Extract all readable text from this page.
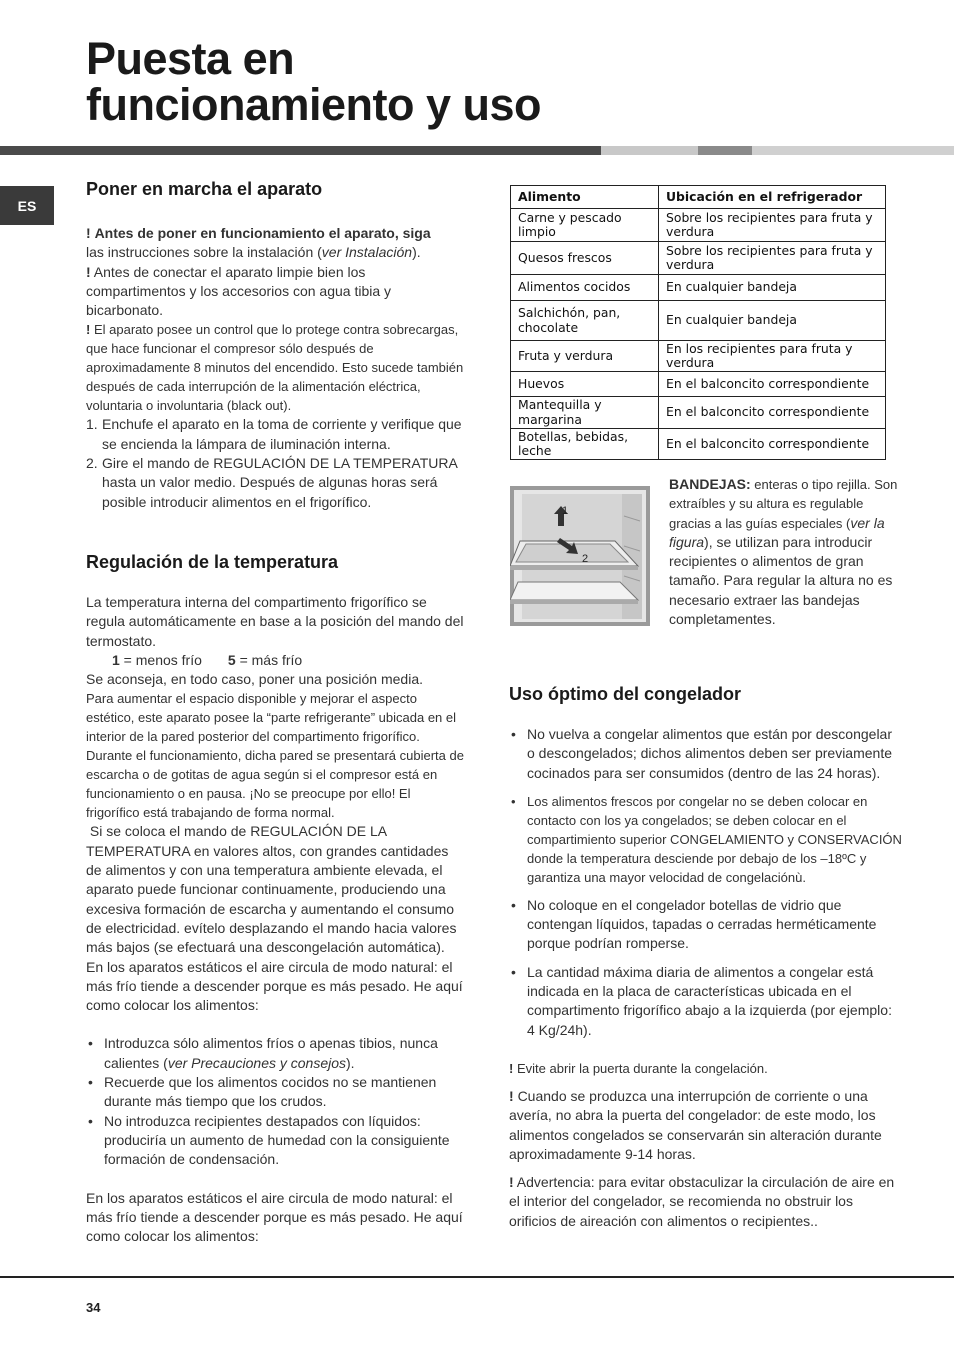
Puesta en
funcionamiento y uso
ES
Poner en marcha el aparato

! Antes de poner en funcionamiento el aparato, siga
las instrucciones sobre la instalación (ver Instalación).

! Antes de conectar el aparato limpie bien los compartimentos y los accesorios con agua tibia y bicarbonato.

! El aparato posee un control que lo protege contra sobrecargas, que hace funcionar el compresor sólo después de aproximadamente 8 minutos del encendido. Esto sucede también después de cada interrupción de la alimentación eléctrica, voluntaria o involuntaria (black out).

1. Enchufe el aparato en la toma de corriente y verifique que se encienda la lámpara de iluminación interna.
2. Gire el mando de REGULACIÓN DE LA TEMPERATURA hasta un valor medio. Después de algunas horas será posible introducir alimentos en el frigorífico.
Regulación de la temperatura

La temperatura interna del compartimento frigorífico se regula automáticamente en base a la posición del mando del termostato.

1 = menos frío 5 = más frío

Se aconseja, en todo caso, poner una posición media.

Para aumentar el espacio disponible y mejorar el aspecto estético, este aparato posee la “parte refrigerante” ubicada en el interior de la pared posterior del compartimento frigorífico. Durante el funcionamiento, dicha pared se presentará cubierta de escarcha o de gotitas de agua según si el compresor está en funcionamiento o en pausa. ¡No se preocupe por ello! El frigorífico está trabajando de forma normal.

Si se coloca el mando de REGULACIÓN DE LA TEMPERATURA en valores altos, con grandes cantidades de alimentos y con una temperatura ambiente elevada, el aparato puede funcionar continuamente, produciendo una excesiva formación de escarcha y aumentando el consumo de electricidad. evítelo desplazando el mando hacia valores más bajos (se efectuará una descongelación automática).

En los aparatos estáticos el aire circula de modo natural: el más frío tiende a descender porque es más pesado. He aquí como colocar los alimentos:

• Introduzca sólo alimentos fríos o apenas tibios, nunca calientes (ver Precauciones y consejos).
• Recuerde que los alimentos cocidos no se mantienen durante más tiempo que los crudos.
• No introduzca recipientes destapados con líquidos: produciría un aumento de humedad con la consiguiente formación de condensación.

En los aparatos estáticos el aire circula de modo natural: el más frío tiende a descender porque es más pesado. He aquí como colocar los alimentos:

Alimento	Ubicación en el refrigerador
Carne y pescado limpio	Sobre los recipientes para fruta y verdura
Quesos frescos	Sobre los recipientes para fruta y verdura
Alimentos cocidos	En cualquier bandeja
Salchichón, pan, chocolate	En cualquier bandeja
Fruta y verdura	En los recipientes para fruta y verdura
Huevos	En el balconcito correspondiente
Mantequilla y margarina	En el balconcito correspondiente
Botellas, bebidas, leche	En el balconcito correspondiente
1
2

BANDEJAS: enteras o tipo rejilla. Son extraíbles y su altura es regulable gracias a las guías especiales (ver la figura), se utilizan para introducir recipientes o alimentos de gran tamaño. Para regular la altura no es necesario extraer las bandejas completamentes.

Uso óptimo del congelador
• No vuelva a congelar alimentos que están por descongelar o descongelados; dichos alimentos deben ser previamente cocinados para ser consumidos (dentro de las 24 horas).
• Los alimentos frescos por congelar no se deben colocar en contacto con los ya congelados; se deben colocar en el compartimiento superior CONGELAMIENTO y CONSERVACIÓN donde la temperatura desciende por debajo de los –18ºC y garantiza una mayor velocidad de congelaciónù.
• No coloque en el congelador botellas de vidrio que contengan líquidos, tapadas o cerradas herméticamente porque podrían romperse.
• La cantidad máxima diaria de alimentos a congelar está indicada en la placa de características ubicada en el compartimento frigorífico abajo a la izquierda (por ejemplo: 4 Kg/24h).

! Evite abrir la puerta durante la congelación.

! Cuando se produzca una interrupción de corriente o una avería, no abra la puerta del congelador: de este modo, los alimentos congelados se conservarán sin alteración durante aproximadamente 9-14 horas.

! Advertencia: para evitar obstaculizar la circulación de aire en el interior del congelador, se recomienda no obstruir los orificios de aireación con alimentos o recipientes..

34
